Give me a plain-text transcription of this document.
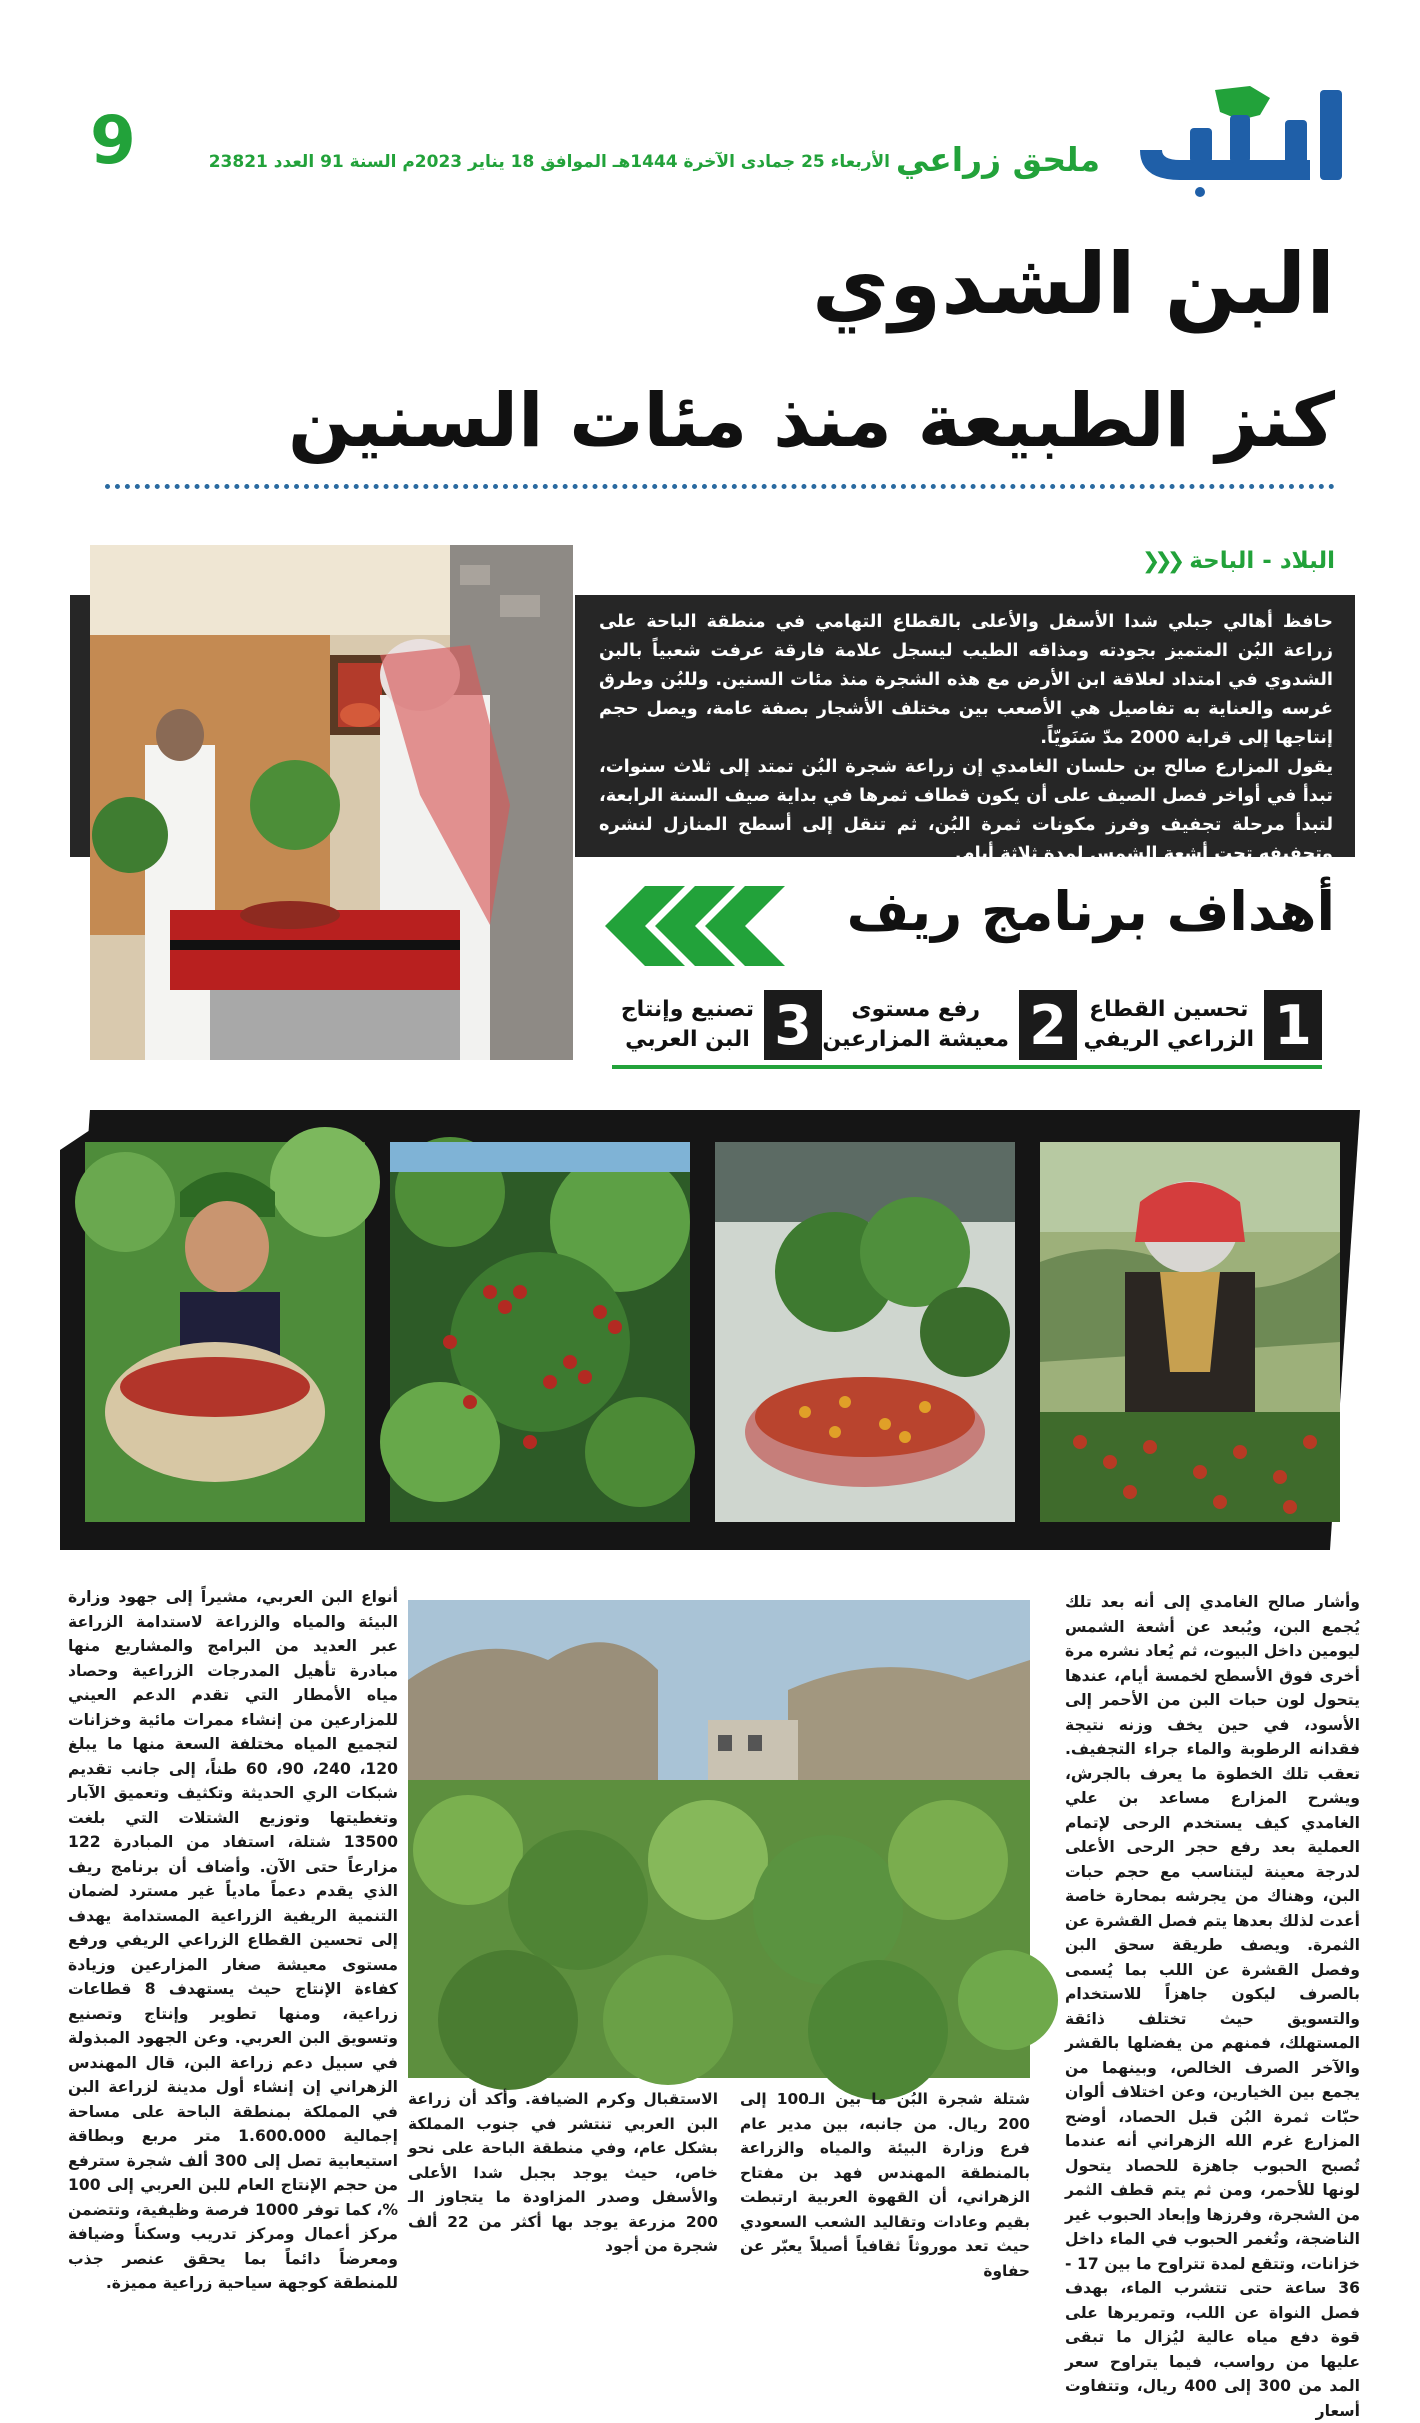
ملحق زراعي
الأربعاء 25 جمادى الآخرة 1444هـ الموافق 18 يناير 2023م السنة 91 العدد 23821
9
البن الشدوي
كنز الطبيعة منذ مئات السنين
البلاد - الباحة
❮❮❮

حافظ أهالي جبلي شدا الأسفل والأعلى بالقطاع التهامي في منطقة الباحة على زراعة البُن المتميز بجودته ومذاقه الطيب ليسجل علامة فارقة عرفت شعبياً بالبن الشدوي في امتداد لعلاقة ابن الأرض مع هذه الشجرة منذ مئات السنين. وللبُن وطرق غرسه والعناية به تفاصيل هي الأصعب بين مختلف الأشجار بصفة عامة، ويصل حجم إنتاجها إلى قرابة 2000 مدّ سَنَويّاً.

يقول المزارع صالح بن حلسان الغامدي إن زراعة شجرة البُن تمتد إلى ثلاث سنوات، تبدأ في أواخر فصل الصيف على أن يكون قطاف ثمرها في بداية صيف السنة الرابعة، لتبدأ مرحلة تجفيف وفرز مكونات ثمرة البُن، ثم تنقل إلى أسطح المنازل لنشره وتجفيفه تحت أشعة الشمس لمدة ثلاثة أيام.

أهداف برنامج ريف
1
تحسين القطاع
الزراعي الريفي
2
رفع مستوى
معيشة المزارعين
3
تصنيع وإنتاج
البن العربي
وأشار صالح الغامدي إلى أنه بعد تلك يُجمع البن، ويُبعد عن أشعة الشمس ليومين داخل البيوت، ثم يُعاد نشره مرة أخرى فوق الأسطح لخمسة أيام، عندها يتحول لون حبات البن من الأحمر إلى الأسود، في حين يخف وزنه نتيجة فقدانه الرطوبة والماء جراء التجفيف. تعقب تلك الخطوة ما يعرف بالجرش، ويشرح المزارع مساعد بن علي الغامدي كيف يستخدم الرحى لإتمام العملية بعد رفع حجر الرحى الأعلى لدرجة معينة ليتناسب مع حجم حبات البن، وهناك من يجرشه بمحارة خاصة أعدت لذلك بعدها يتم فصل القشرة عن الثمرة. ويصف طريقة سحق البن وفصل القشرة عن اللب بما يُسمى بالصرف ليكون جاهزاً للاستخدام والتسويق حيث تختلف ذائقة المستهلك، فمنهم من يفضلها بالقشر والآخر الصرف الخالص، وبينهما من يجمع بين الخيارين، وعن اختلاف ألوان حبّات ثمرة البُن قبل الحصاد، أوضح المزارع غرم الله الزهراني أنه عندما تُصبح الحبوب جاهزة للحصاد يتحول لونها للأحمر، ومن ثم يتم قطف الثمر من الشجرة، وفرزها وإبعاد الحبوب غير الناضجة، وتُغمر الحبوب في الماء داخل خزانات، وتتقع لمدة تتراوح ما بين 17 - 36 ساعة حتى تتشرب الماء، بهدف فصل النواة عن اللب، وتمريرها على قوة دفع مياه عالية ليُزال ما تبقى عليها من رواسب، فيما يتراوح سعر المد من 300 إلى 400 ريال، وتتفاوت أسعار
شتلة شجرة البُن ما بين الـ100 إلى 200 ريال. من جانبه، بين مدير عام فرع وزارة البيئة والمياه والزراعة بالمنطقة المهندس فهد بن مفتاح الزهراني، أن القهوة العربية ارتبطت بقيم وعادات وتقاليد الشعب السعودي حيث تعد موروثاً ثقافياً أصيلاً يعبّر عن حفاوة
الاستقبال وكرم الضيافة. وأكد أن زراعة البن العربي تنتشر في جنوب المملكة بشكل عام، وفي منطقة الباحة على نحو خاص، حيث يوجد بجبل شدا الأعلى والأسفل وصدر المزاودة ما يتجاوز الـ 200 مزرعة يوجد بها أكثر من 22 ألف شجرة من أجود
أنواع البن العربي، مشيراً إلى جهود وزارة البيئة والمياه والزراعة لاستدامة الزراعة عبر العديد من البرامج والمشاريع منها مبادرة تأهيل المدرجات الزراعية وحصاد مياه الأمطار التي تقدم الدعم العيني للمزارعين من إنشاء ممرات مائية وخزانات لتجميع المياه مختلفة السعة منها ما يبلغ 120، 240، 90، 60 طناً، إلى جانب تقديم شبكات الري الحديثة وتكثيف وتعميق الآبار وتغطيتها وتوزيع الشتلات التي بلغت 13500 شتلة، استفاد من المبادرة 122 مزارعاً حتى الآن. وأضاف أن برنامج ريف الذي يقدم دعماً مادياً غير مسترد لضمان التنمية الريفية الزراعية المستدامة يهدف إلى تحسين القطاع الزراعي الريفي ورفع مستوى معيشة صغار المزارعين وزيادة كفاءة الإنتاج حيث يستهدف 8 قطاعات زراعية، ومنها تطوير وإنتاج وتصنيع وتسويق البن العربي. وعن الجهود المبذولة في سبيل دعم زراعة البن، قال المهندس الزهراني إن إنشاء أول مدينة لزراعة البن في المملكة بمنطقة الباحة على مساحة إجمالية 1.600.000 متر مربع وبطاقة استيعابية تصل إلى 300 ألف شجرة سترفع من حجم الإنتاج العام للبن العربي إلى 100 %، كما توفر 1000 فرصة وظيفية، وتتضمن مركز أعمال ومركز تدريب وسكناً وضيافة ومعرضاً دائماً بما يحقق عنصر جذب للمنطقة كوجهة سياحية زراعية مميزة.
